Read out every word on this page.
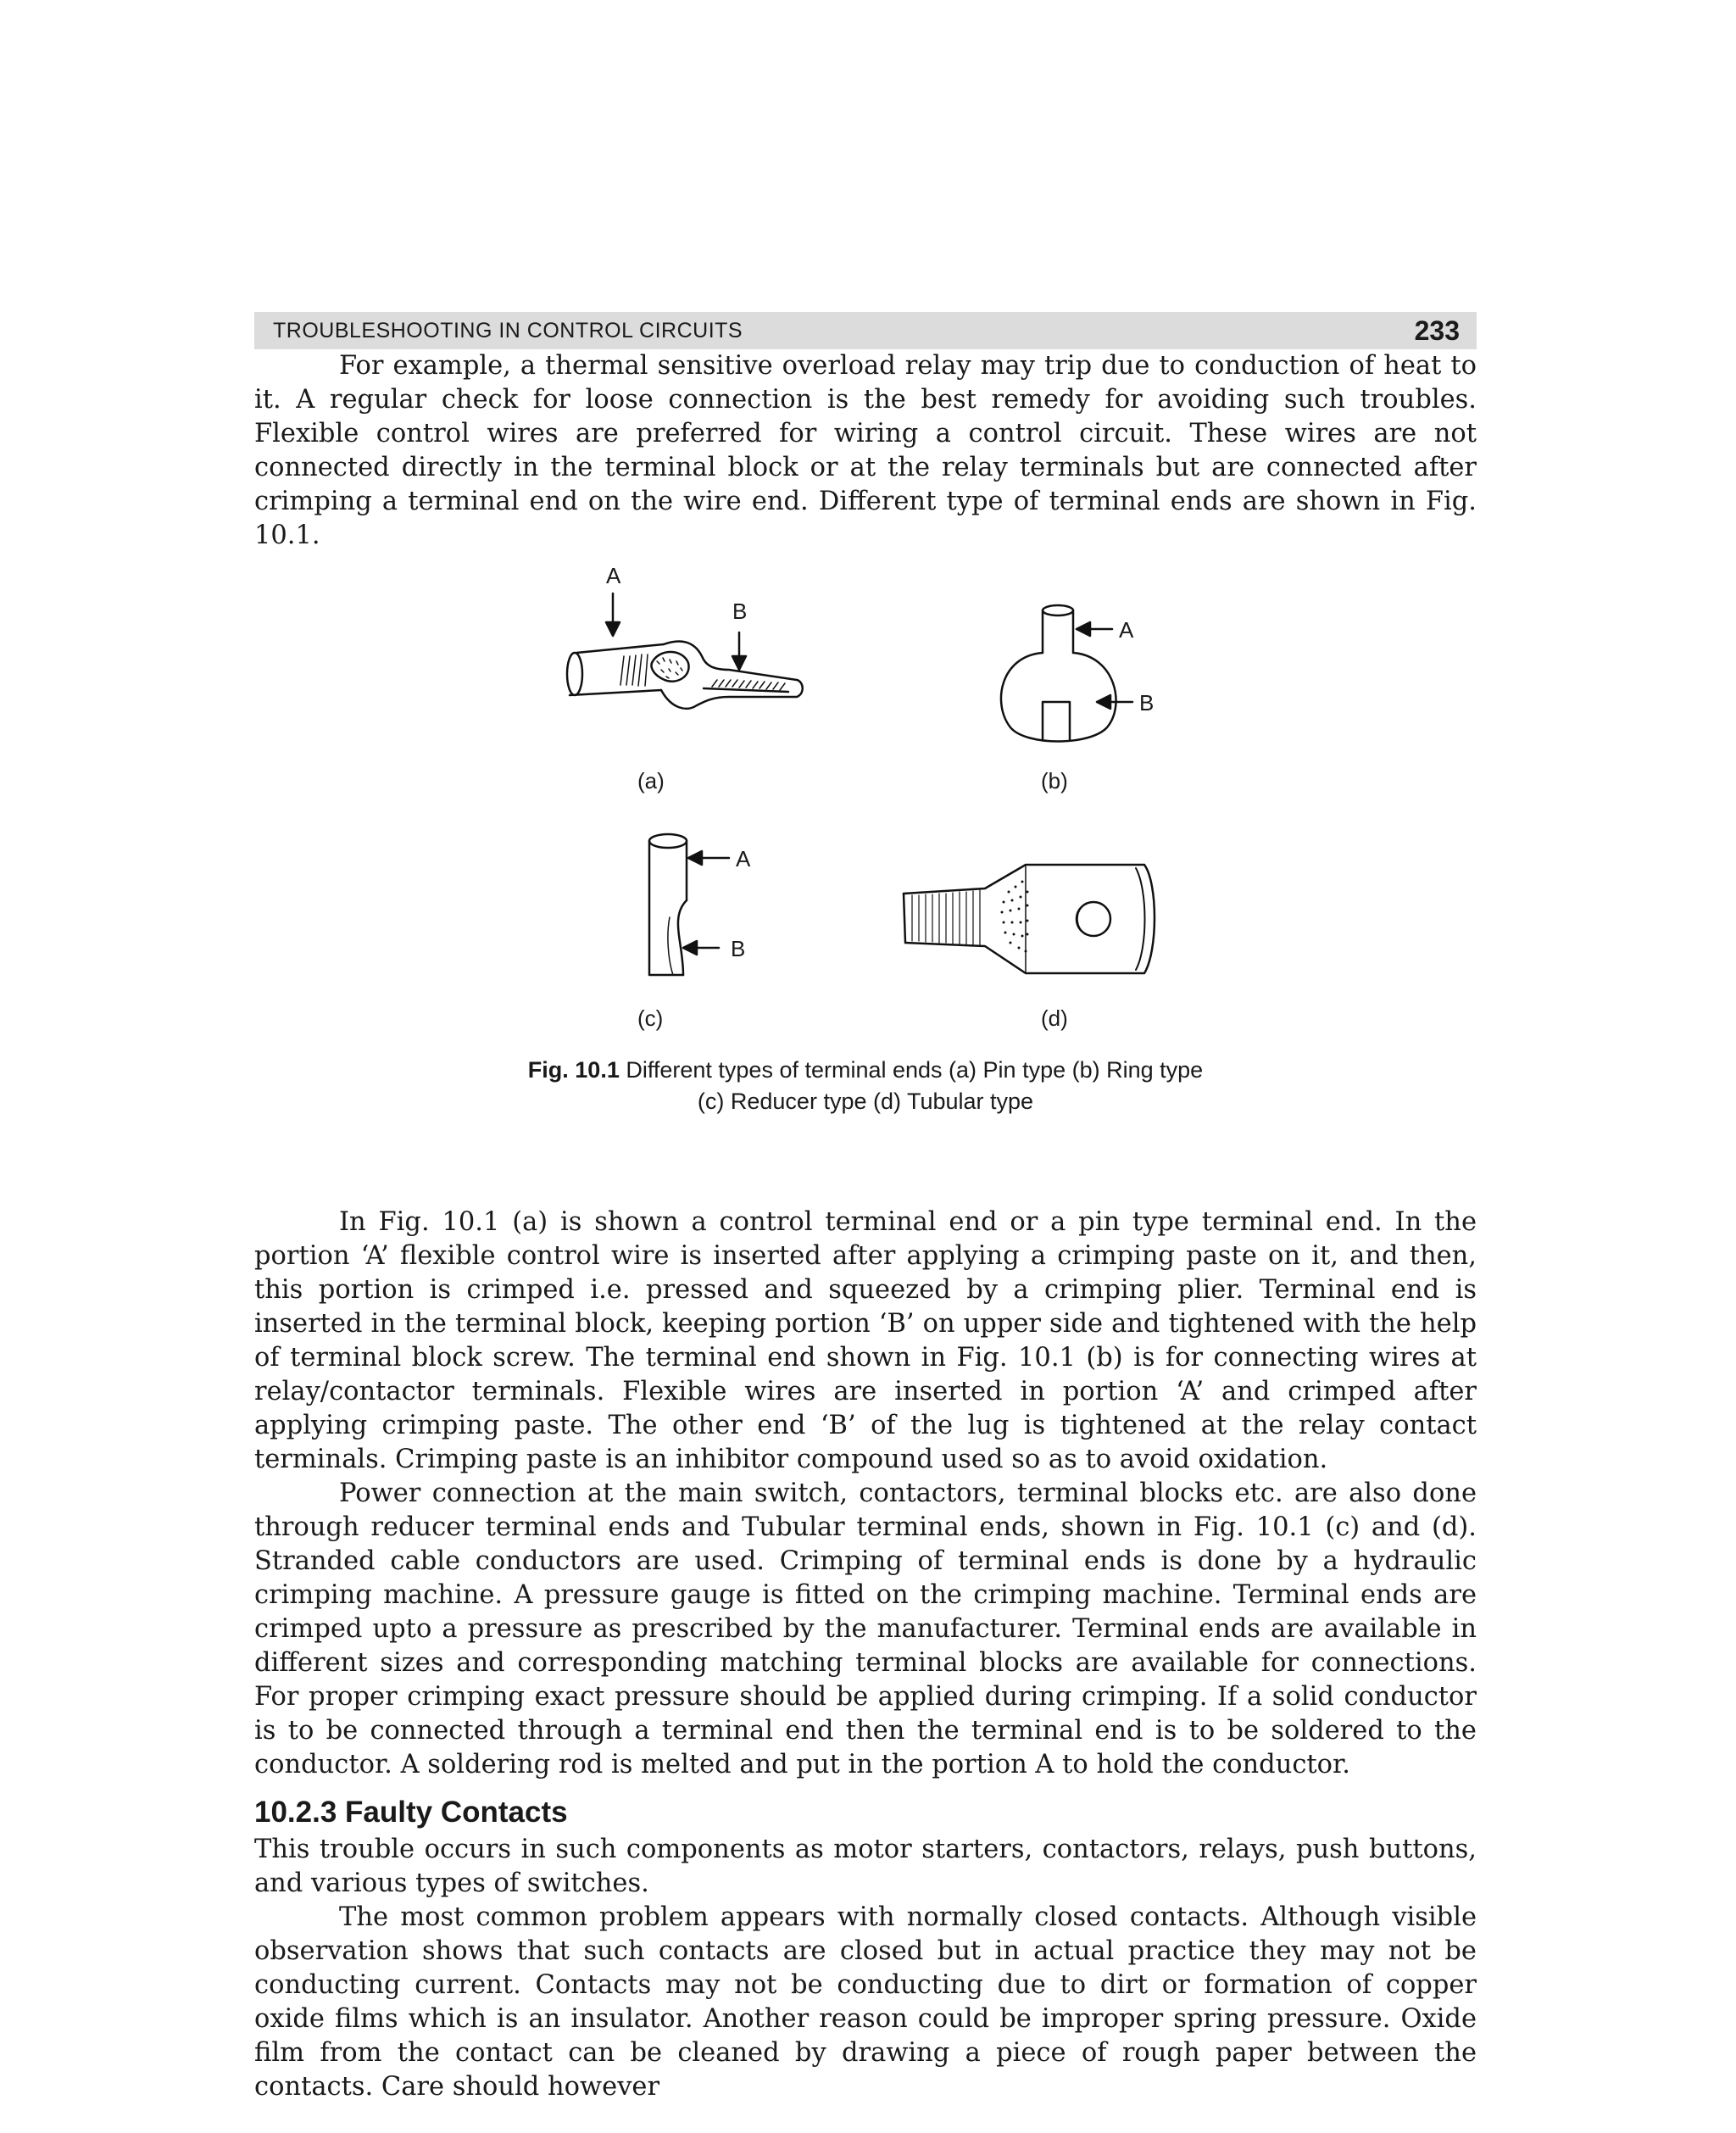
TROUBLESHOOTING IN CONTROL CIRCUITS	233

For example, a thermal sensitive overload relay may trip due to conduction of heat to it. A regular check for loose connection is the best remedy for avoiding such troubles. Flexible control wires are preferred for wiring a control circuit. These wires are not connected directly in the terminal block or at the relay terminals but are connected after crimping a terminal end on the wire end. Different type of terminal ends are shown in Fig. 10.1.

A
B
A
B
A
B
(a)	(b)
(c)	(d)
Fig. 10.1 Different types of terminal ends (a) Pin type (b) Ring type
(c) Reducer type (d) Tubular type

In Fig. 10.1 (a) is shown a control terminal end or a pin type terminal end. In the portion ‘A’ flexible control wire is inserted after applying a crimping paste on it, and then, this portion is crimped i.e. pressed and squeezed by a crimping plier. Terminal end is inserted in the terminal block, keeping portion ‘B’ on upper side and tightened with the help of terminal block screw. The terminal end shown in Fig. 10.1 (b) is for connecting wires at relay/contactor terminals. Flexible wires are inserted in portion ‘A’ and crimped after applying crimping paste. The other end ‘B’ of the lug is tightened at the relay contact terminals. Crimping paste is an inhibitor compound used so as to avoid oxidation.

Power connection at the main switch, contactors, terminal blocks etc. are also done through reducer terminal ends and Tubular terminal ends, shown in Fig. 10.1 (c) and (d). Stranded cable conductors are used. Crimping of terminal ends is done by a hydraulic crimping machine. A pressure gauge is fitted on the crimping machine. Terminal ends are crimped upto a pressure as prescribed by the manufacturer. Terminal ends are available in different sizes and corresponding matching terminal blocks are available for connections. For proper crimping exact pressure should be applied during crimping. If a solid conductor is to be connected through a terminal end then the terminal end is to be soldered to the conductor. A soldering rod is melted and put in the portion A to hold the conductor.

10.2.3 Faulty Contacts

This trouble occurs in such components as motor starters, contactors, relays, push buttons, and various types of switches.

The most common problem appears with normally closed contacts. Although visible observation shows that such contacts are closed but in actual practice they may not be conducting current. Contacts may not be conducting due to dirt or formation of copper oxide films which is an insulator. Another reason could be improper spring pressure. Oxide film from the contact can be cleaned by drawing a piece of rough paper between the contacts. Care should however
